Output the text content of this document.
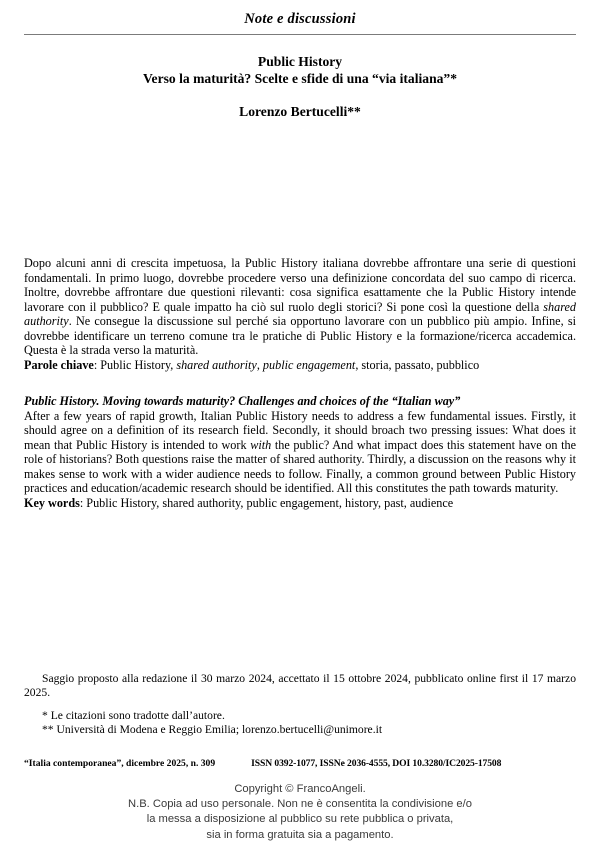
Note e discussioni
Public History
Verso la maturità? Scelte e sfide di una “via italiana”*
Lorenzo Bertucelli**
Dopo alcuni anni di crescita impetuosa, la Public History italiana dovrebbe affrontare una serie di questioni fondamentali. In primo luogo, dovrebbe procedere verso una definizione concordata del suo campo di ricerca. Inoltre, dovrebbe affrontare due questioni rilevanti: cosa significa esattamente che la Public History intende lavorare con il pubblico? E quale impatto ha ciò sul ruolo degli storici? Si pone così la questione della shared authority. Ne consegue la discussione sul perché sia opportuno lavorare con un pubblico più ampio. Infine, si dovrebbe identificare un terreno comune tra le pratiche di Public History e la formazione/ricerca accademica. Questa è la strada verso la maturità.
Parole chiave: Public History, shared authority, public engagement, storia, passato, pubblico
Public History. Moving towards maturity? Challenges and choices of the “Italian way”
After a few years of rapid growth, Italian Public History needs to address a few fundamental issues. Firstly, it should agree on a definition of its research field. Secondly, it should broach two pressing issues: What does it mean that Public History is intended to work with the public? And what impact does this statement have on the role of historians? Both questions raise the matter of shared authority. Thirdly, a discussion on the reasons why it makes sense to work with a wider audience needs to follow. Finally, a common ground between Public History practices and education/academic research should be identified. All this constitutes the path towards maturity.
Key words: Public History, shared authority, public engagement, history, past, audience
Saggio proposto alla redazione il 30 marzo 2024, accettato il 15 ottobre 2024, pubblicato online first il 17 marzo 2025.
* Le citazioni sono tradotte dall’autore.
** Università di Modena e Reggio Emilia; lorenzo.bertucelli@unimore.it
“Italia contemporanea”, dicembre 2025, n. 309	ISSN 0392-1077, ISSNe 2036-4555, DOI 10.3280/IC2025-17508
Copyright © FrancoAngeli.
N.B. Copia ad uso personale. Non ne è consentita la condivisione e/o
la messa a disposizione al pubblico su rete pubblica o privata,
sia in forma gratuita sia a pagamento.
